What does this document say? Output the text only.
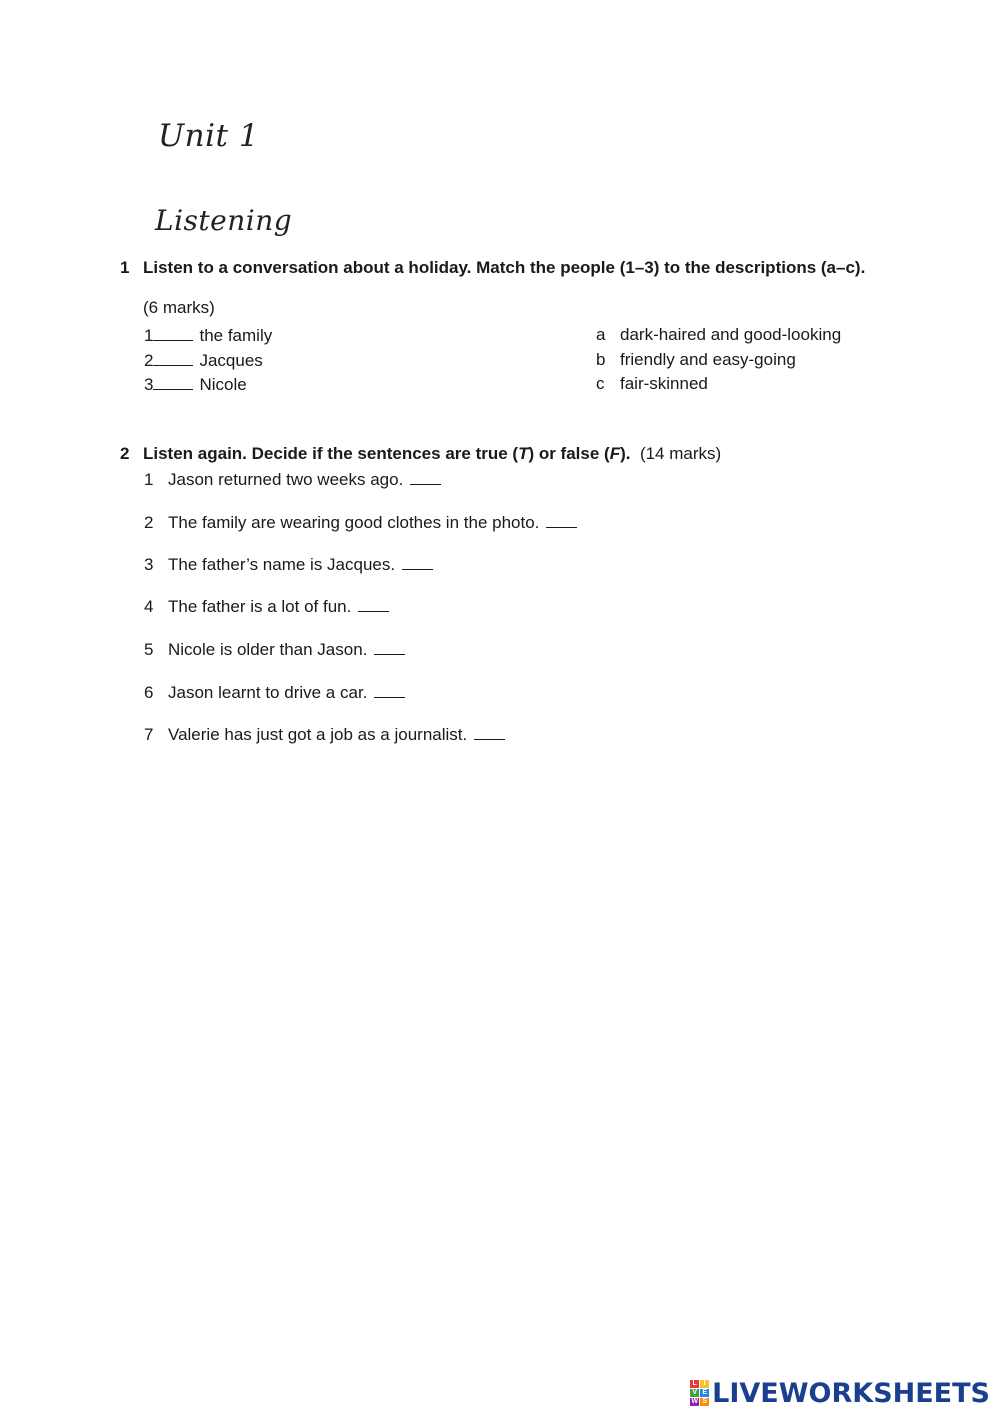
Unit 1
Listening
1 Listen to a conversation about a holiday. Match the people (1–3) to the descriptions (a–c).
(6 marks)
1	the family
2	Jacques
3	Nicole
a dark-haired and good-looking
b friendly and easy-going
c fair-skinned
2 Listen again. Decide if the sentences are true (T) or false (F). (14 marks)
1 Jason returned two weeks ago.
2 The family are wearing good clothes in the photo.
3 The father’s name is Jacques.
4 The father is a lot of fun.
5 Nicole is older than Jason.
6 Jason learnt to drive a car.
7 Valerie has just got a job as a journalist.
L I
V E
W S LIVEWORKSHEETS
